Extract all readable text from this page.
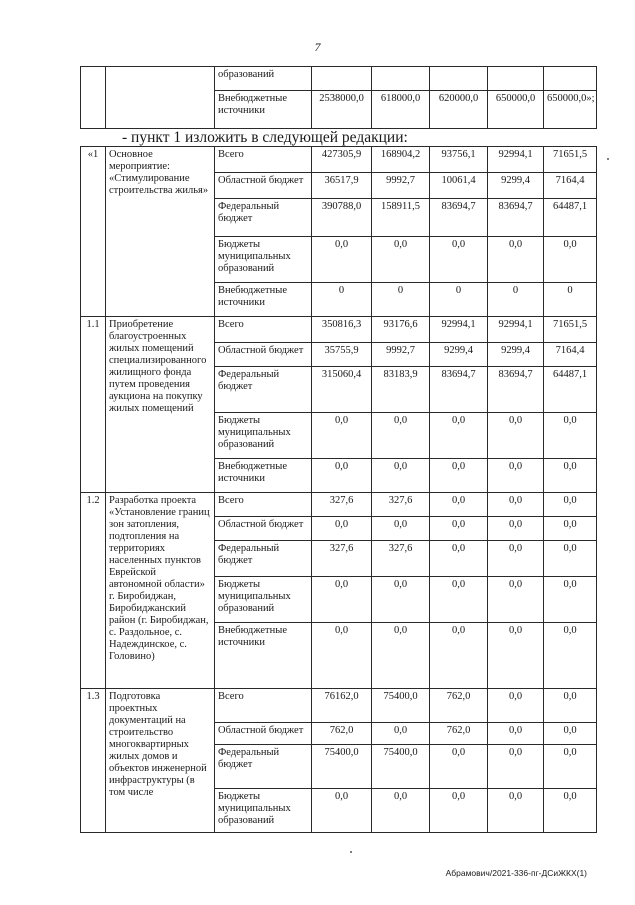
7
		образований					
		Внебюджетные источники	2538000,0	618000,0	620000,0	650000,0	650000,0»;
- пункт 1 изложить в следующей редакции:
«1	Основное мероприятие: «Стимулирование строительства жилья»	Всего	427305,9	168904,2	93756,1	92994,1	71651,5
		Областной бюджет	36517,9	9992,7	10061,4	9299,4	7164,4
		Федеральный бюджет	390788,0	158911,5	83694,7	83694,7	64487,1
		Бюджеты муниципальных образований	0,0	0,0	0,0	0,0	0,0
		Внебюджетные источники	0	0	0	0	0
1.1	Приобретение благоустроенных жилых помещений специализированного жилищного фонда путем проведения аукциона на покупку жилых помещений	Всего	350816,3	93176,6	92994,1	92994,1	71651,5
		Областной бюджет	35755,9	9992,7	9299,4	9299,4	7164,4
		Федеральный бюджет	315060,4	83183,9	83694,7	83694,7	64487,1
		Бюджеты муниципальных образований	0,0	0,0	0,0	0,0	0,0
		Внебюджетные источники	0,0	0,0	0,0	0,0	0,0
1.2	Разработка проекта «Установление границ зон затопления, подтопления на территориях населенных пунктов Еврейской автономной области» г. Биробиджан, Биробиджанский район (г. Биробиджан, с. Раздольное, с. Надеждинское, с. Головино)	Всего	327,6	327,6	0,0	0,0	0,0
		Областной бюджет	0,0	0,0	0,0	0,0	0,0
		Федеральный бюджет	327,6	327,6	0,0	0,0	0,0
		Бюджеты муниципальных образований	0,0	0,0	0,0	0,0	0,0
		Внебюджетные источники	0,0	0,0	0,0	0,0	0,0
1.3	Подготовка проектных документаций на строительство многоквартирных жилых домов и объектов инженерной инфраструктуры (в том числе	Всего	76162,0	75400,0	762,0	0,0	0,0
		Областной бюджет	762,0	0,0	762,0	0,0	0,0
		Федеральный бюджет	75400,0	75400,0	0,0	0,0	0,0
		Бюджеты муниципальных образований	0,0	0,0	0,0	0,0	0,0
Абрамович/2021-336-пг-ДСиЖКХ(1)
